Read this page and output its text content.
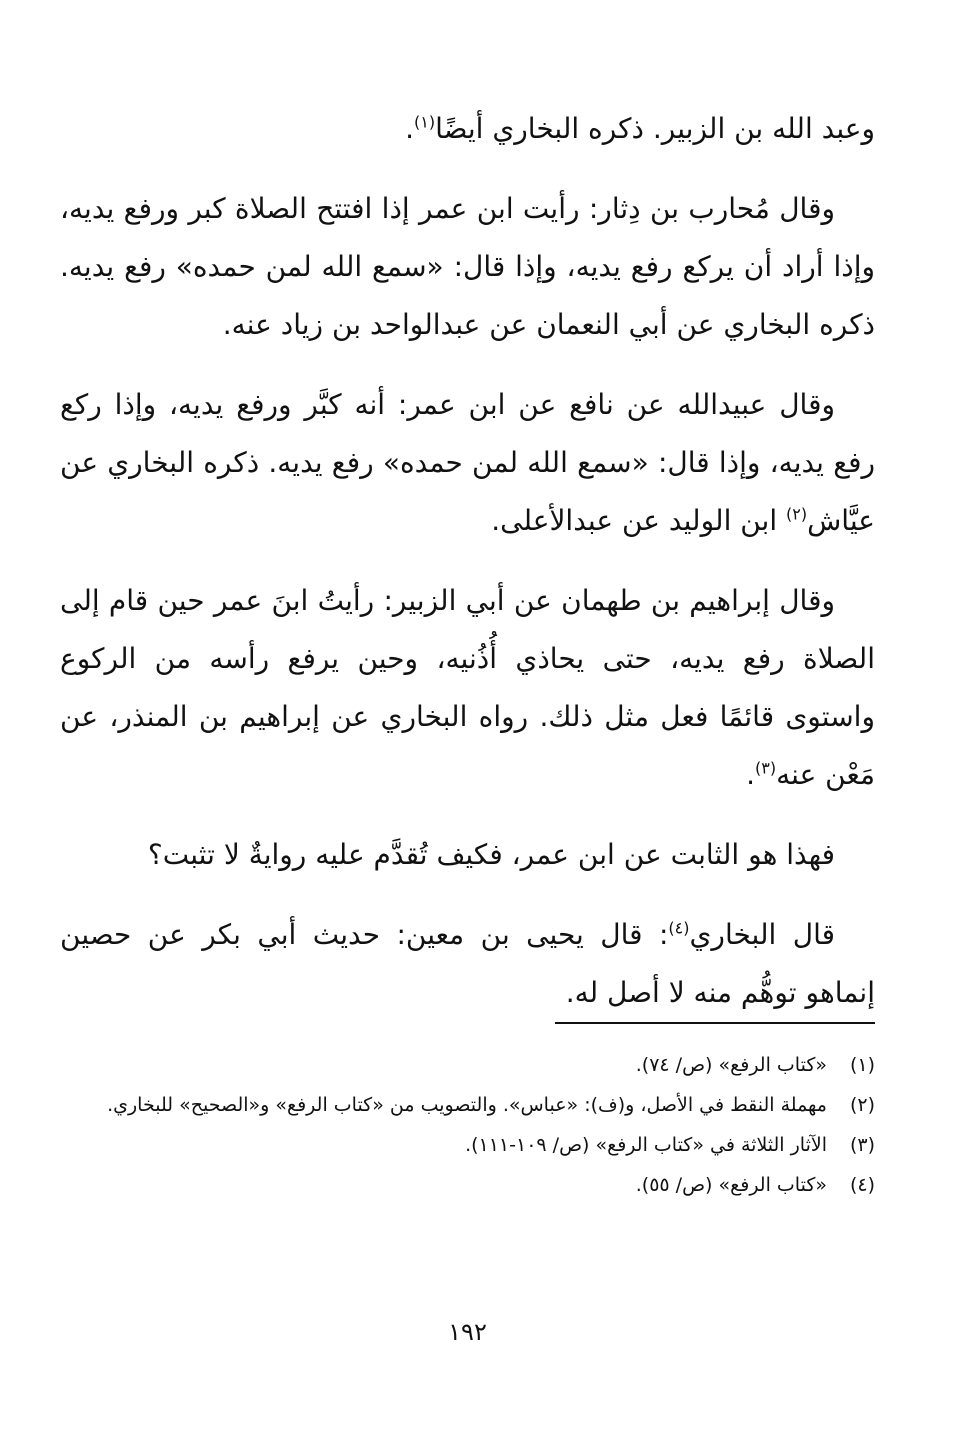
وعبد الله بن الزبير. ذكره البخاري أيضًا$^{(١)}$.

وقال مُحارب بن دِثار: رأيت ابن عمر إذا افتتح الصلاة كبر ورفع يديه، وإذا أراد أن يركع رفع يديه، وإذا قال: «سمع الله لمن حمده» رفع يديه. ذكره البخاري عن أبي النعمان عن عبدالواحد بن زياد عنه.

وقال عبيدالله عن نافع عن ابن عمر: أنه كبَّر ورفع يديه، وإذا ركع رفع يديه، وإذا قال: «سمع الله لمن حمده» رفع يديه. ذكره البخاري عن عيَّاش$^{(٢)}$ ابن الوليد عن عبدالأعلى.

وقال إبراهيم بن طهمان عن أبي الزبير: رأيتُ ابنَ عمر حين قام إلى الصلاة رفع يديه، حتى يحاذي أُذُنيه، وحين يرفع رأسه من الركوع واستوى قائمًا فعل مثل ذلك. رواه البخاري عن إبراهيم بن المنذر، عن مَعْن عنه$^{(٣)}$.

فهذا هو الثابت عن ابن عمر، فكيف تُقدَّم عليه روايةٌ لا تثبت؟

قال البخاري$^{(٤)}$: قال يحيى بن معين: حديث أبي بكر عن حصين إنماهو توهُّم منه لا أصل له.

(١)
«كتاب الرفع» (ص/ ٧٤).
(٢)
مهملة النقط في الأصل، و(ف): «عباس». والتصويب من «كتاب الرفع» و«الصحيح» للبخاري.
(٣)
الآثار الثلاثة في «كتاب الرفع» (ص/ ١٠٩-١١١).
(٤)
«كتاب الرفع» (ص/ ٥٥).
١٩٢
